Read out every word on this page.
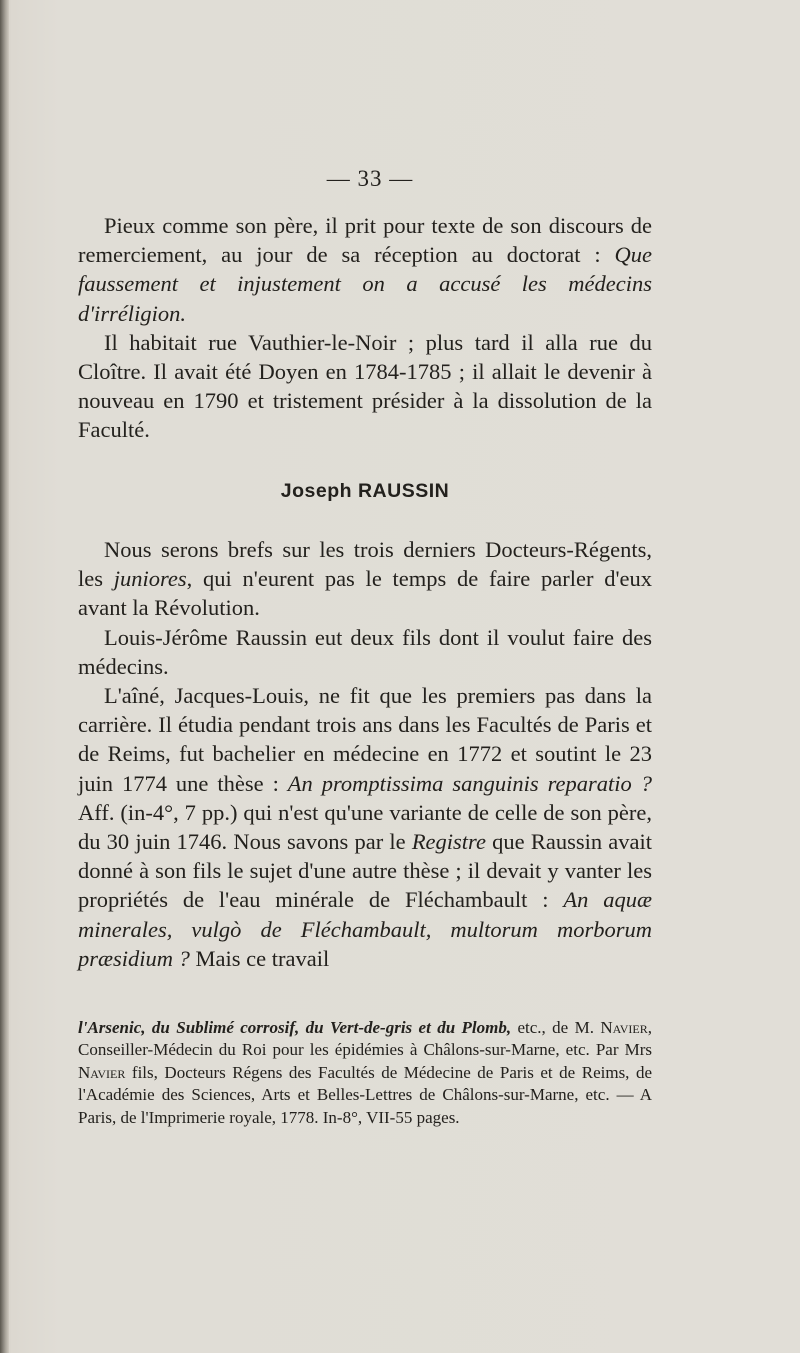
— 33 —

Pieux comme son père, il prit pour texte de son discours de remerciement, au jour de sa réception au doctorat : Que faussement et injustement on a accusé les médecins d'irréligion.

Il habitait rue Vauthier-le-Noir ; plus tard il alla rue du Cloître. Il avait été Doyen en 1784-1785 ; il allait le devenir à nouveau en 1790 et tristement présider à la dissolution de la Faculté.

Joseph RAUSSIN

Nous serons brefs sur les trois derniers Docteurs-Régents, les juniores, qui n'eurent pas le temps de faire parler d'eux avant la Révolution.

Louis-Jérôme Raussin eut deux fils dont il voulut faire des médecins.

L'aîné, Jacques-Louis, ne fit que les premiers pas dans la carrière. Il étudia pendant trois ans dans les Facultés de Paris et de Reims, fut bachelier en médecine en 1772 et soutint le 23 juin 1774 une thèse : An promptissima sanguinis reparatio ? Aff. (in-4°, 7 pp.) qui n'est qu'une variante de celle de son père, du 30 juin 1746. Nous savons par le Registre que Raussin avait donné à son fils le sujet d'une autre thèse ; il devait y vanter les propriétés de l'eau minérale de Fléchambault : An aquæ minerales, vulgò de Fléchambault, multorum morborum præsidium ? Mais ce travail

l'Arsenic, du Sublimé corrosif, du Vert-de-gris et du Plomb, etc., de M. Navier, Conseiller-Médecin du Roi pour les épidémies à Châlons-sur-Marne, etc. Par Mrs Navier fils, Docteurs Régens des Facultés de Médecine de Paris et de Reims, de l'Académie des Sciences, Arts et Belles-Lettres de Châlons-sur-Marne, etc. — A Paris, de l'Imprimerie royale, 1778. In-8°, VII-55 pages.
